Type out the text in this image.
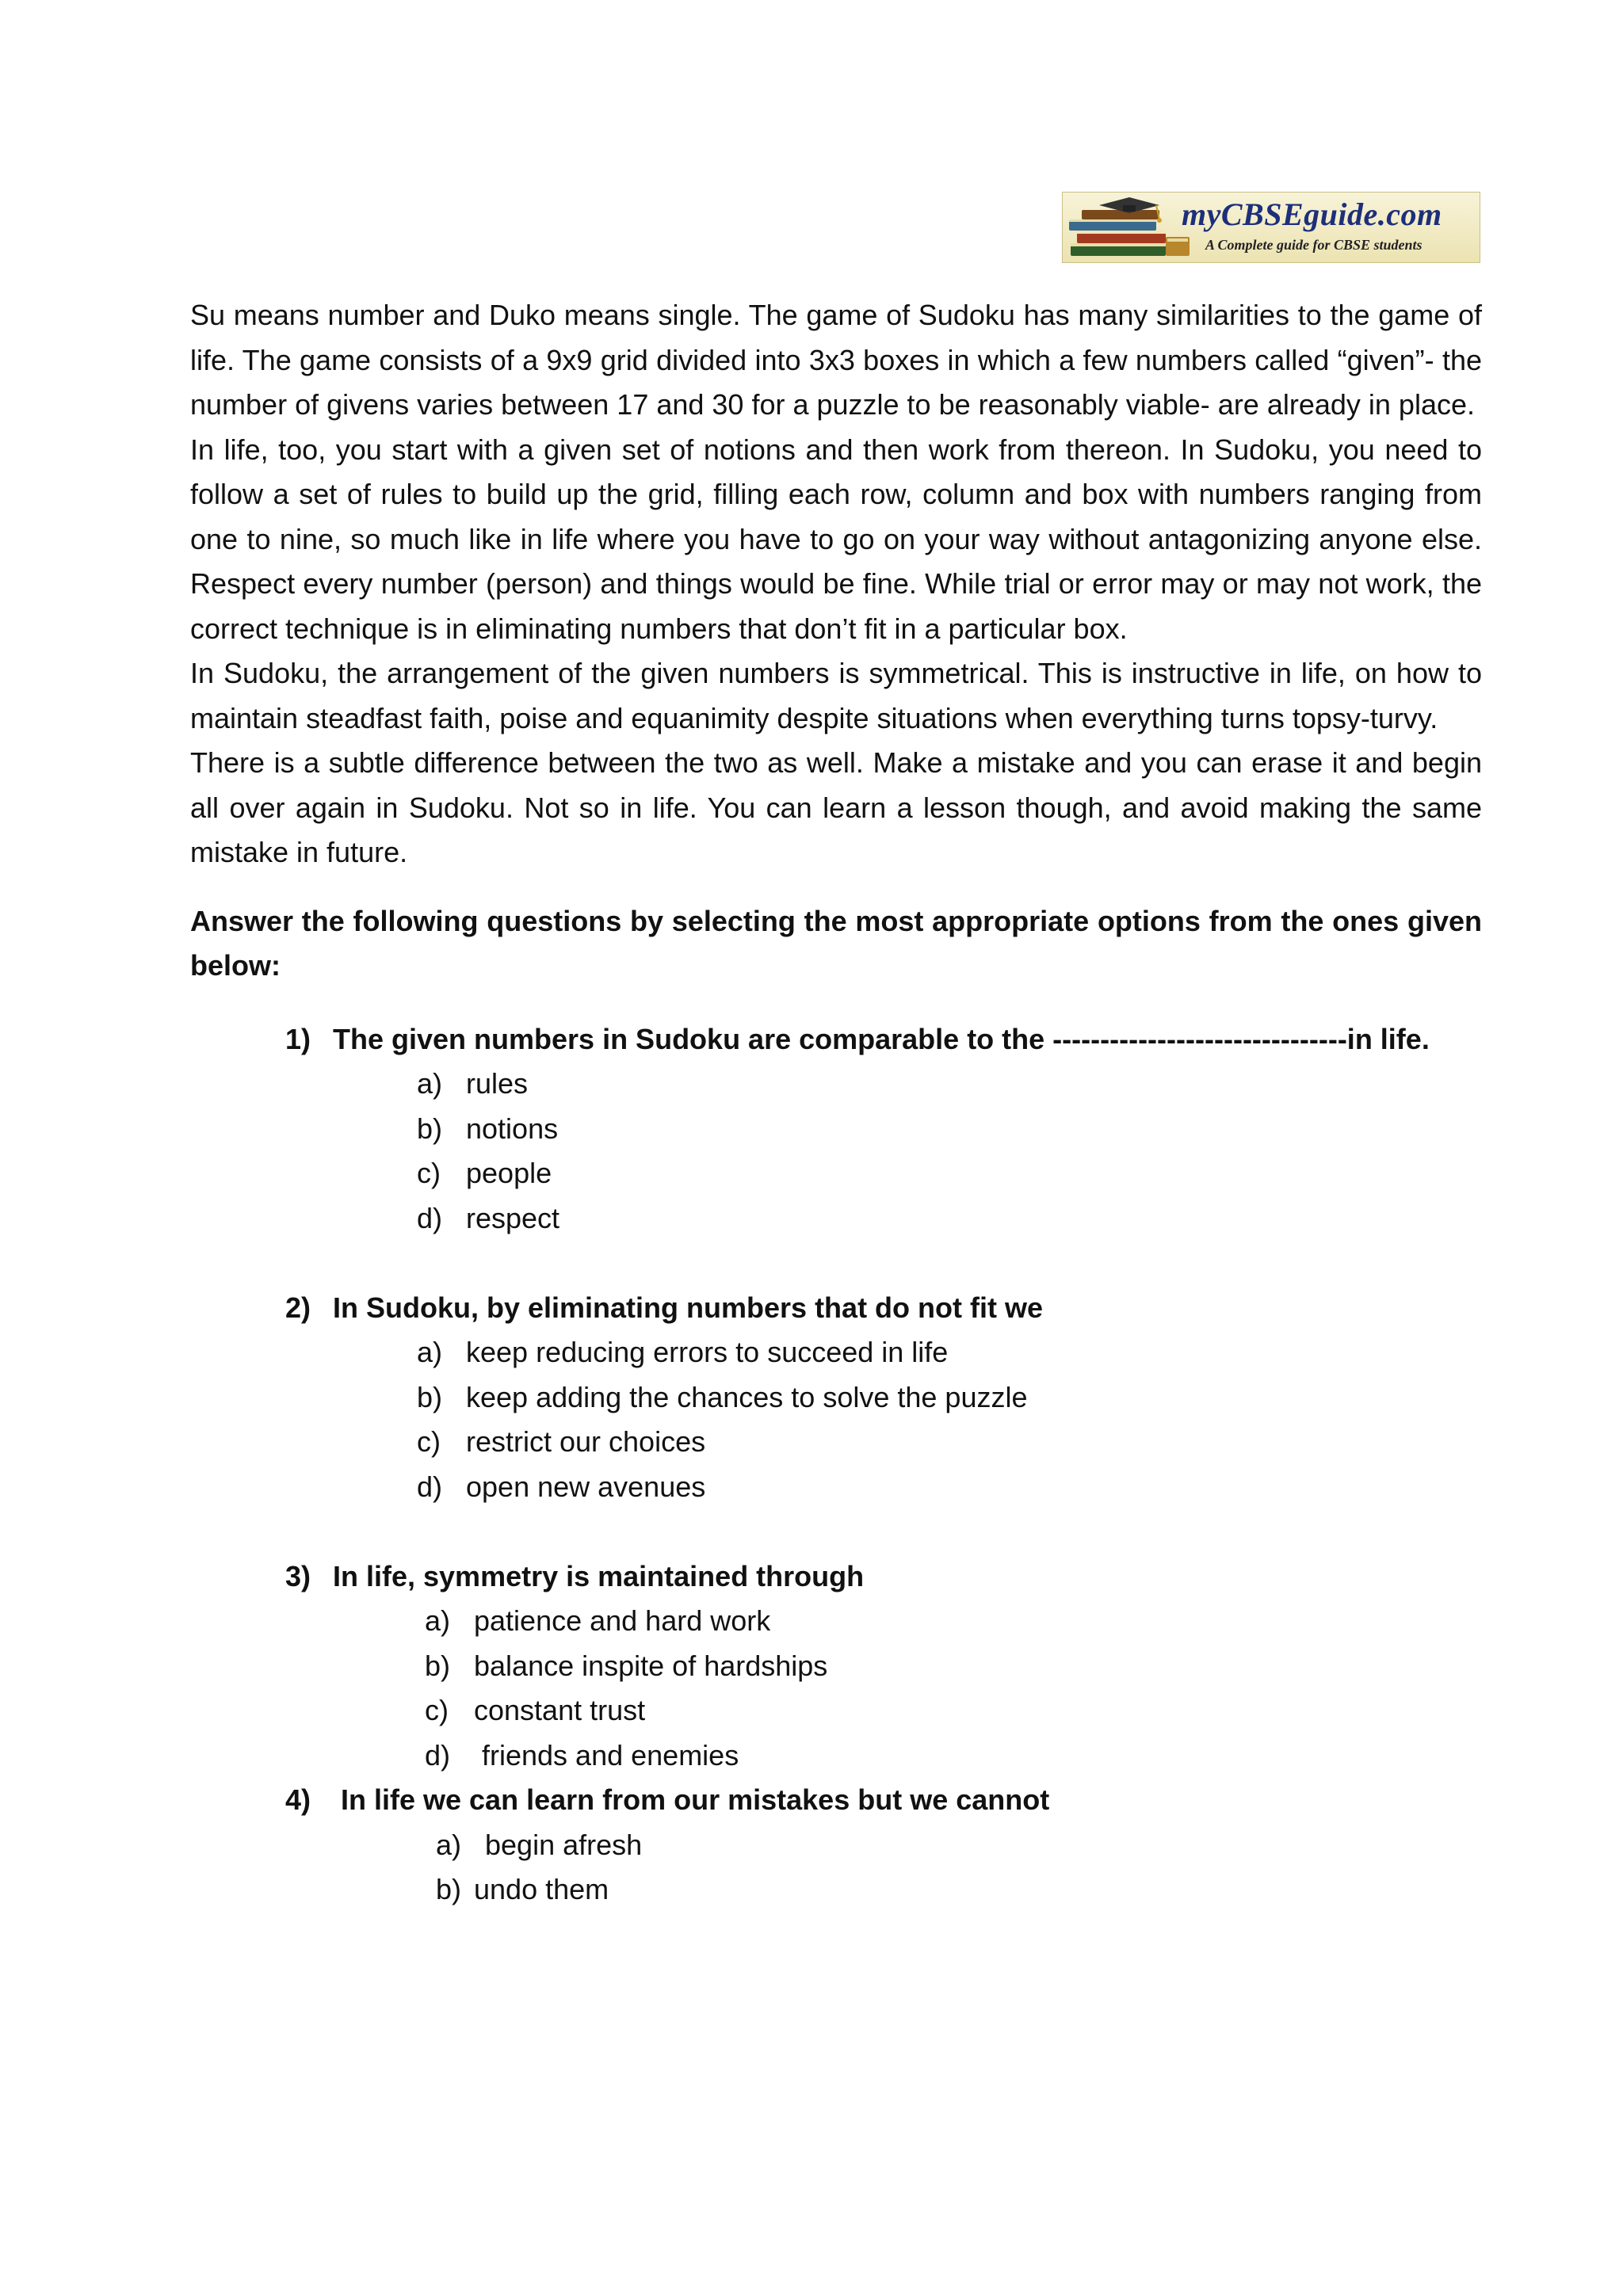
myCBSEguide.com
A Complete guide for CBSE students

Su means number and Duko means single. The game of Sudoku has many similarities to the game of life. The game consists of a 9x9 grid divided into 3x3 boxes in which a few numbers called “given”- the number of givens varies between 17 and 30 for a puzzle to be reasonably viable- are already in place.

In life, too, you start with a given set of notions and then work from thereon. In Sudoku, you need to follow a set of rules to build up the grid, filling each row, column and box with numbers ranging from one to nine, so much like in life where you have to go on your way without antagonizing anyone else. Respect every number (person) and things would be fine. While trial or error may or may not work, the correct technique is in eliminating numbers that don’t fit in a particular box.

In Sudoku, the arrangement of the given numbers is symmetrical. This is instructive in life, on how to maintain steadfast faith, poise and equanimity despite situations when everything turns topsy-turvy.

There is a subtle difference between the two as well. Make a mistake and you can erase it and begin all over again in Sudoku. Not so in life. You can learn a lesson though, and avoid making the same mistake in future.

Answer the following questions by selecting the most appropriate options from the ones given below:

1) The given numbers in Sudoku are comparable to the -------------------------------in life.
a) rules
b) notions
c) people
d) respect
2) In Sudoku, by eliminating numbers that do not fit we
a) keep reducing errors to succeed in life
b) keep adding the chances to solve the puzzle
c) restrict our choices
d) open new avenues
3) In life, symmetry is maintained through
a) patience and hard work
b) balance inspite of hardships
c) constant trust
d) friends and enemies
4) In life we can learn from our mistakes but we cannot
a) begin afresh
b) undo them
